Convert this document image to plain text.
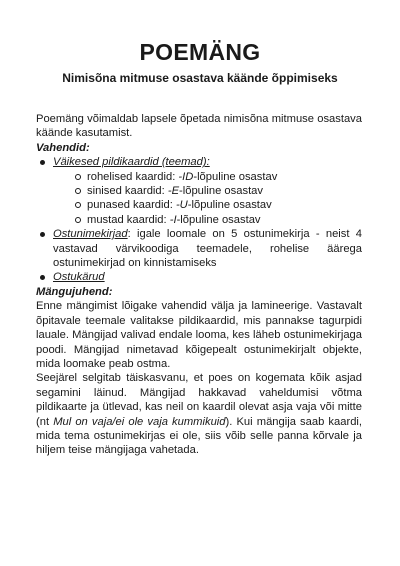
POEMÄNG
Nimisõna mitmuse osastava käände õppimiseks

Poemäng võimaldab lapsele õpetada nimisõna mitmuse osastava käände kasutamist.

Vahendid:

Väikesed pildikaardid (teemad):
rohelised kaardid: -ID-lõpuline osastav
sinised kaardid: -E-lõpuline osastav
punased kaardid: -U-lõpuline osastav
mustad kaardid: -I-lõpuline osastav
Ostunimekirjad: igale loomale on 5 ostunimekirja - neist 4 vastavad värvikoodiga teemadele, rohelise äärega ostunimekirjad on kinnistamiseks
Ostukärud

Mängujuhend:

Enne mängimist lõigake vahendid välja ja lamineerige. Vastavalt õpitavale teemale valitakse pildikaardid, mis pannakse tagurpidi lauale. Mängijad valivad endale looma, kes läheb ostunimekirjaga poodi. Mängijad nimetavad kõigepealt ostunimekirjalt objekte, mida loomake peab ostma.

Seejärel selgitab täiskasvanu, et poes on kogemata kõik asjad segamini läinud. Mängijad hakkavad vaheldumisi võtma pildikaarte ja ütlevad, kas neil on kaardil olevat asja vaja või mitte (nt Mul on vaja/ei ole vaja kummikuid). Kui mängija saab kaardi, mida tema ostunimekirjas ei ole, siis võib selle panna kõrvale ja hiljem teise mängijaga vahetada.
